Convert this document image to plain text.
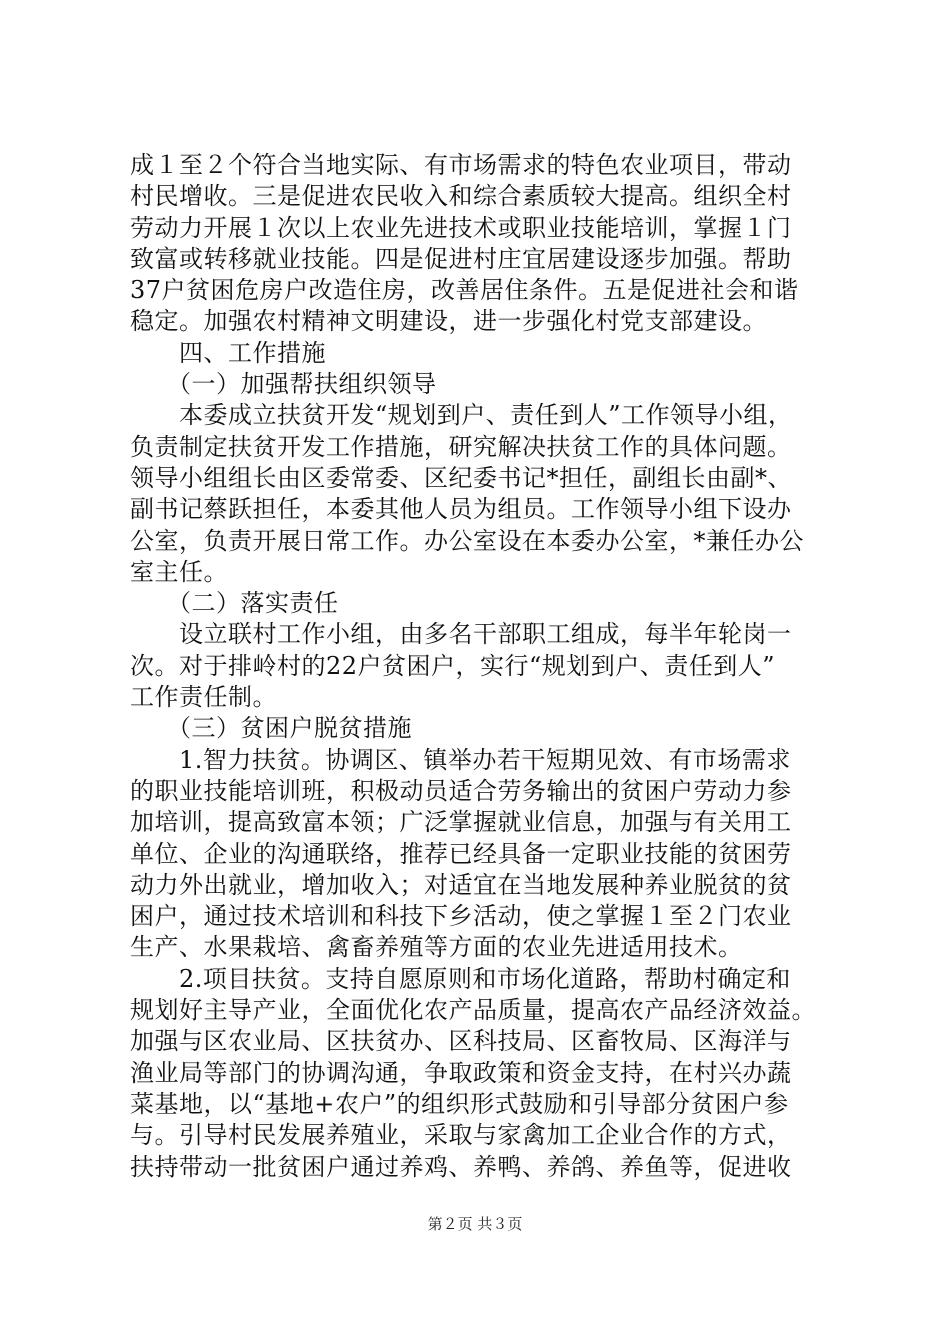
成１至２个符合当地实际、有市场需求的特色农业项目，带动
村民增收。三是促进农民收入和综合素质较大提高。组织全村
劳动力开展１次以上农业先进技术或职业技能培训，掌握１门
致富或转移就业技能。四是促进村庄宜居建设逐步加强。帮助
37户贫困危房户改造住房，改善居住条件。五是促进社会和谐
稳定。加强农村精神文明建设，进一步强化村党支部建设。
　　四、工作措施
　　（一）加强帮扶组织领导
　　本委成立扶贫开发“规划到户、责任到人”工作领导小组，
负责制定扶贫开发工作措施，研究解决扶贫工作的具体问题。
领导小组组长由区委常委、区纪委书记*担任，副组长由副*、
副书记蔡跃担任，本委其他人员为组员。工作领导小组下设办
公室，负责开展日常工作。办公室设在本委办公室，*兼任办公
室主任。
　　（二）落实责任
　　设立联村工作小组，由多名干部职工组成，每半年轮岗一
次。对于排岭村的22户贫困户，实行“规划到户、责任到人”
工作责任制。
　　（三）贫困户脱贫措施
　　1.智力扶贫。协调区、镇举办若干短期见效、有市场需求
的职业技能培训班，积极动员适合劳务输出的贫困户劳动力参
加培训，提高致富本领；广泛掌握就业信息，加强与有关用工
单位、企业的沟通联络，推荐已经具备一定职业技能的贫困劳
动力外出就业，增加收入；对适宜在当地发展种养业脱贫的贫
困户，通过技术培训和科技下乡活动，使之掌握１至２门农业
生产、水果栽培、禽畜养殖等方面的农业先进适用技术。
　　2.项目扶贫。支持自愿原则和市场化道路，帮助村确定和
规划好主导产业，全面优化农产品质量，提高农产品经济效益。
加强与区农业局、区扶贫办、区科技局、区畜牧局、区海洋与
渔业局等部门的协调沟通，争取政策和资金支持，在村兴办蔬
菜基地，以“基地+农户”的组织形式鼓励和引导部分贫困户参
与。引导村民发展养殖业，采取与家禽加工企业合作的方式，
扶持带动一批贫困户通过养鸡、养鸭、养鸽、养鱼等，促进收
第２页 共３页
